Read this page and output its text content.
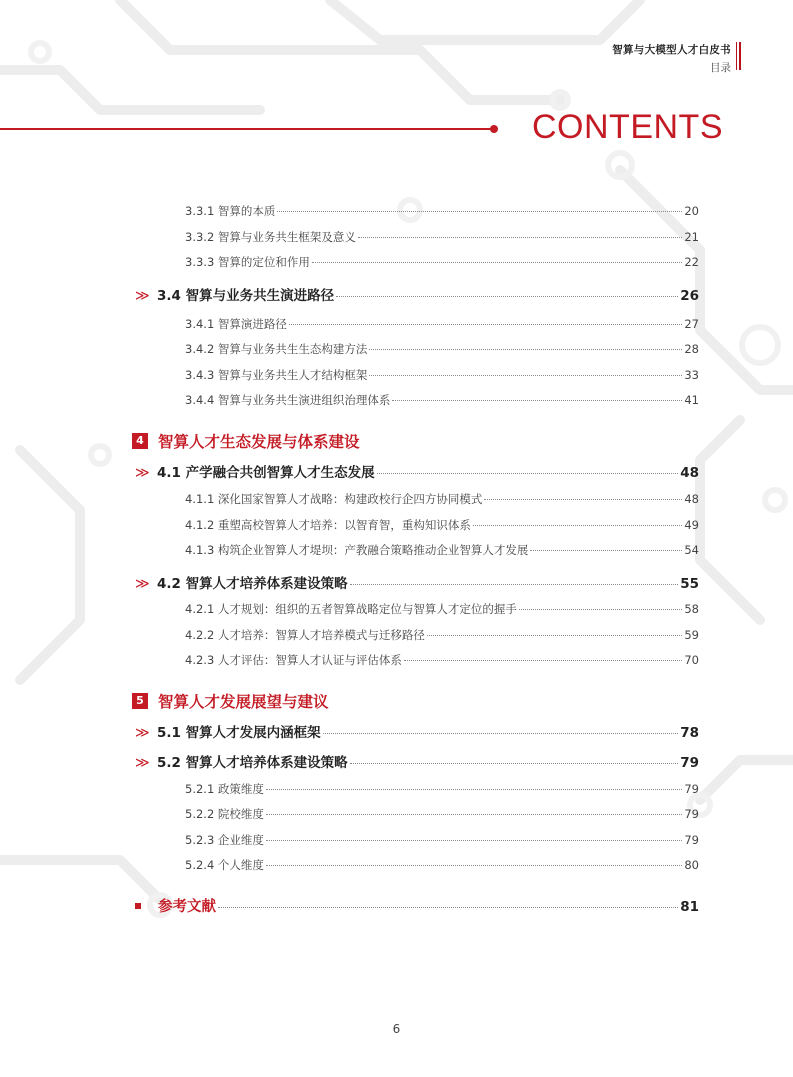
智算与大模型人才白皮书
目录
CONTENTS
3.3.1 智算的本质	20
3.3.2 智算与业务共生框架及意义	21
3.3.3 智算的定位和作用	22
≫ 3.4 智算与业务共生演进路径	26
3.4.1 智算演进路径	27
3.4.2 智算与业务共生生态构建方法	28
3.4.3 智算与业务共生人才结构框架	33
3.4.4 智算与业务共生演进组织治理体系	41
4 智算人才生态发展与体系建设
≫ 4.1 产学融合共创智算人才生态发展	48
4.1.1 深化国家智算人才战略：构建政校行企四方协同模式	48
4.1.2 重塑高校智算人才培养：以智育智，重构知识体系	49
4.1.3 构筑企业智算人才堤坝：产教融合策略推动企业智算人才发展	54
≫ 4.2 智算人才培养体系建设策略	55
4.2.1 人才规划：组织的五者智算战略定位与智算人才定位的握手	58
4.2.2 人才培养：智算人才培养模式与迁移路径	59
4.2.3 人才评估：智算人才认证与评估体系	70
5 智算人才发展展望与建议
≫ 5.1 智算人才发展内涵框架	78
≫ 5.2 智算人才培养体系建设策略	79
5.2.1 政策维度	79
5.2.2 院校维度	79
5.2.3 企业维度	79
5.2.4 个人维度	80
参考文献	81
6
